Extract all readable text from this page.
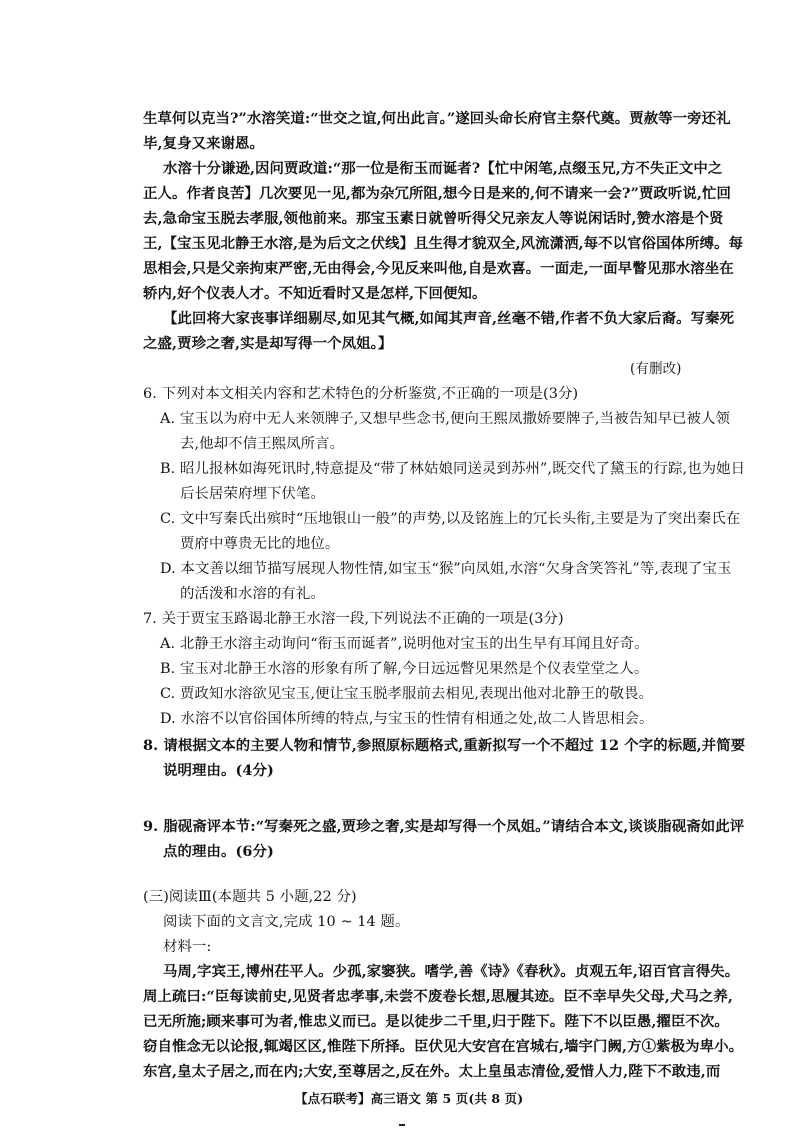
生草何以克当?”水溶笑道:“世交之谊,何出此言。”遂回头命长府官主祭代奠。贾赦等一旁还礼
毕,复身又来谢恩。
水溶十分谦逊,因问贾政道:“那一位是衔玉而诞者?【忙中闲笔,点缀玉兄,方不失正文中之
正人。作者良苦】几次要见一见,都为杂冗所阻,想今日是来的,何不请来一会?”贾政听说,忙回
去,急命宝玉脱去孝服,领他前来。那宝玉素日就曾听得父兄亲友人等说闲话时,赞水溶是个贤
王,【宝玉见北静王水溶,是为后文之伏线】且生得才貌双全,风流潇洒,每不以官俗国体所缚。每
思相会,只是父亲拘束严密,无由得会,今见反来叫他,自是欢喜。一面走,一面早瞥见那水溶坐在
轿内,好个仪表人才。不知近看时又是怎样,下回便知。
【此回将大家丧事详细剔尽,如见其气概,如闻其声音,丝毫不错,作者不负大家后裔。写秦死
之盛,贾珍之奢,实是却写得一个凤姐。】
(有删改)
6. 下列对本文相关内容和艺术特色的分析鉴赏,不正确的一项是(3分)
A. 宝玉以为府中无人来领牌子,又想早些念书,便向王熙凤撒娇要牌子,当被告知早已被人领
去,他却不信王熙凤所言。
B. 昭儿报林如海死讯时,特意提及“带了林姑娘同送灵到苏州”,既交代了黛玉的行踪,也为她日
后长居荣府埋下伏笔。
C. 文中写秦氏出殡时“压地银山一般”的声势,以及铭旌上的冗长头衔,主要是为了突出秦氏在
贾府中尊贵无比的地位。
D. 本文善以细节描写展现人物性情,如宝玉“猴”向凤姐,水溶“欠身含笑答礼”等,表现了宝玉
的活泼和水溶的有礼。
7. 关于贾宝玉路谒北静王水溶一段,下列说法不正确的一项是(3分)
A. 北静王水溶主动询问“衔玉而诞者”,说明他对宝玉的出生早有耳闻且好奇。
B. 宝玉对北静王水溶的形象有所了解,今日远远瞥见果然是个仪表堂堂之人。
C. 贾政知水溶欲见宝玉,便让宝玉脱孝服前去相见,表现出他对北静王的敬畏。
D. 水溶不以官俗国体所缚的特点,与宝玉的性情有相通之处,故二人皆思相会。
8. 请根据文本的主要人物和情节,参照原标题格式,重新拟写一个不超过 12 个字的标题,并简要
说明理由。(4分)
9. 脂砚斋评本节:“写秦死之盛,贾珍之奢,实是却写得一个凤姐。”请结合本文,谈谈脂砚斋如此评
点的理由。(6分)
(三)阅读Ⅲ(本题共 5 小题,22 分)
阅读下面的文言文,完成 10 ~ 14 题。
材料一:
马周,字宾王,博州茌平人。少孤,家窭狭。嗜学,善《诗》《春秋》。贞观五年,诏百官言得失。
周上疏曰:“臣每读前史,见贤者忠孝事,未尝不废卷长想,思履其迹。臣不幸早失父母,犬马之养,
已无所施;顾来事可为者,惟忠义而已。是以徒步二千里,归于陛下。陛下不以臣愚,擢臣不次。
窃自惟念无以论报,辄竭区区,惟陛下所择。臣伏见大安宫在宫城右,墙宇门阙,方①紫极为卑小。
东宫,皇太子居之,而在内;大安,至尊居之,反在外。太上皇虽志清俭,爱惜人力,陛下不敢违,而
【点石联考】高三语文 第 5 页(共 8 页)
